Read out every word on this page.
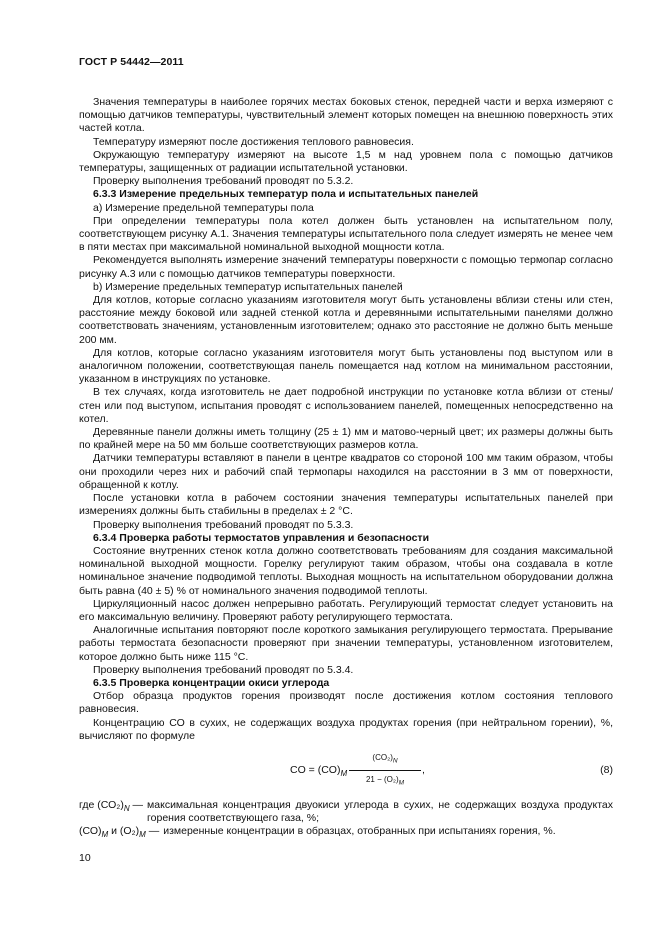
ГОСТ Р 54442—2011

Значения температуры в наиболее горячих местах боковых стенок, передней части и верха измеряют с помощью датчиков температуры, чувствительный элемент которых помещен на внешнюю поверхность этих частей котла.

Температуру измеряют после достижения теплового равновесия.

Окружающую температуру измеряют на высоте 1,5 м над уровнем пола с помощью датчиков температуры, защищенных от радиации испытательной установки.

Проверку выполнения требований проводят по 5.3.2.

6.3.3 Измерение предельных температур пола и испытательных панелей

а) Измерение предельной температуры пола

При определении температуры пола котел должен быть установлен на испытательном полу, соответствующем рисунку А.1. Значения температуры испытательного пола следует измерять не менее чем в пяти местах при максимальной номинальной выходной мощности котла.

Рекомендуется выполнять измерение значений температуры поверхности с помощью термопар согласно рисунку А.3 или с помощью датчиков температуры поверхности.

b) Измерение предельных температур испытательных панелей

Для котлов, которые согласно указаниям изготовителя могут быть установлены вблизи стены или стен, расстояние между боковой или задней стенкой котла и деревянными испытательными панелями должно соответствовать значениям, установленным изготовителем; однако это расстояние не должно быть меньше 200 мм.

Для котлов, которые согласно указаниям изготовителя могут быть установлены под выступом или в аналогичном положении, соответствующая панель помещается над котлом на минимальном расстоянии, указанном в инструкциях по установке.

В тех случаях, когда изготовитель не дает подробной инструкции по установке котла вблизи от стены/стен или под выступом, испытания проводят с использованием панелей, помещенных непосредственно на котел.

Деревянные панели должны иметь толщину (25 ± 1) мм и матово-черный цвет; их размеры должны быть по крайней мере на 50 мм больше соответствующих размеров котла.

Датчики температуры вставляют в панели в центре квадратов со стороной 100 мм таким образом, чтобы они проходили через них и рабочий спай термопары находился на расстоянии в 3 мм от поверхности, обращенной к котлу.

После установки котла в рабочем состоянии значения температуры испытательных панелей при измерениях должны быть стабильны в пределах ± 2 °С.

Проверку выполнения требований проводят по 5.3.3.

6.3.4 Проверка работы термостатов управления и безопасности

Состояние внутренних стенок котла должно соответствовать требованиям для создания максимальной номинальной выходной мощности. Горелку регулируют таким образом, чтобы она создавала в котле номинальное значение подводимой теплоты. Выходная мощность на испытательном оборудовании должна быть равна (40 ± 5) % от номинального значения подводимой теплоты.

Циркуляционный насос должен непрерывно работать. Регулирующий термостат следует установить на его максимальную величину. Проверяют работу регулирующего термостата.

Аналогичные испытания повторяют после короткого замыкания регулирующего термостата. Прерывание работы термостата безопасности проверяют при значении температуры, установленном изготовителем, которое должно быть ниже 115 °С.

Проверку выполнения требований проводят по 5.3.4.

6.3.5 Проверка концентрации окиси углерода

Отбор образца продуктов горения производят после достижения котлом состояния теплового равновесия.

Концентрацию СО в сухих, не содержащих воздуха продуктах горения (при нейтральном горении), %, вычисляют по формуле

CO = $(CO)_M \frac{(CO_2)_N}{21 - (O_2)_M}$ ,	(8)
где $(СО_2)_N$ — максимальная концентрация двуокиси углерода в сухих, не содержащих воздуха продуктах горения соответствующего газа, %;
$(СО)_M$ и $(О_2)_M$ — измеренные концентрации в образцах, отобранных при испытаниях горения, %.
10
